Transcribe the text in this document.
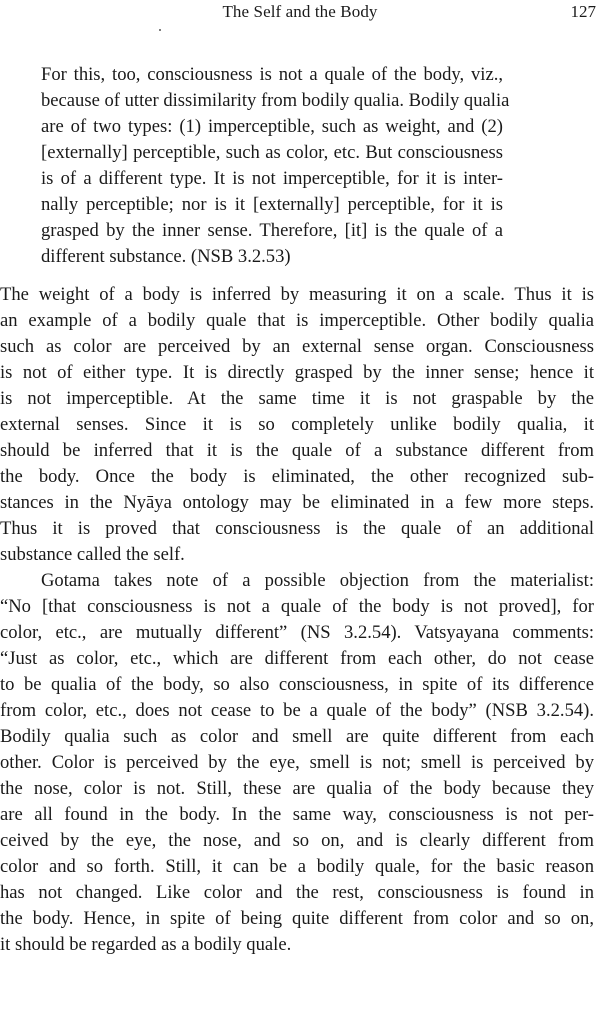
The Self and the Body	127
For this, too, consciousness is not a quale of the body, viz.,
because of utter dissimilarity from bodily qualia. Bodily qualia
are of two types: (1) imperceptible, such as weight, and (2)
[externally] perceptible, such as color, etc. But consciousness
is of a different type. It is not imperceptible, for it is inter-
nally perceptible; nor is it [externally] perceptible, for it is
grasped by the inner sense. Therefore, [it] is the quale of a
different substance. (NSB 3.2.53)
The weight of a body is inferred by measuring it on a scale. Thus it is
an example of a bodily quale that is imperceptible. Other bodily qualia
such as color are perceived by an external sense organ. Consciousness
is not of either type. It is directly grasped by the inner sense; hence it
is not imperceptible. At the same time it is not graspable by the
external senses. Since it is so completely unlike bodily qualia, it
should be inferred that it is the quale of a substance different from
the body. Once the body is eliminated, the other recognized sub-
stances in the Nyāya ontology may be eliminated in a few more steps.
Thus it is proved that consciousness is the quale of an additional
substance called the self.
Gotama takes note of a possible objection from the materialist:
“No [that consciousness is not a quale of the body is not proved], for
color, etc., are mutually different” (NS 3.2.54). Vatsyayana comments:
“Just as color, etc., which are different from each other, do not cease
to be qualia of the body, so also consciousness, in spite of its difference
from color, etc., does not cease to be a quale of the body” (NSB 3.2.54).
Bodily qualia such as color and smell are quite different from each
other. Color is perceived by the eye, smell is not; smell is perceived by
the nose, color is not. Still, these are qualia of the body because they
are all found in the body. In the same way, consciousness is not per-
ceived by the eye, the nose, and so on, and is clearly different from
color and so forth. Still, it can be a bodily quale, for the basic reason
has not changed. Like color and the rest, consciousness is found in
the body. Hence, in spite of being quite different from color and so on,
it should be regarded as a bodily quale.
